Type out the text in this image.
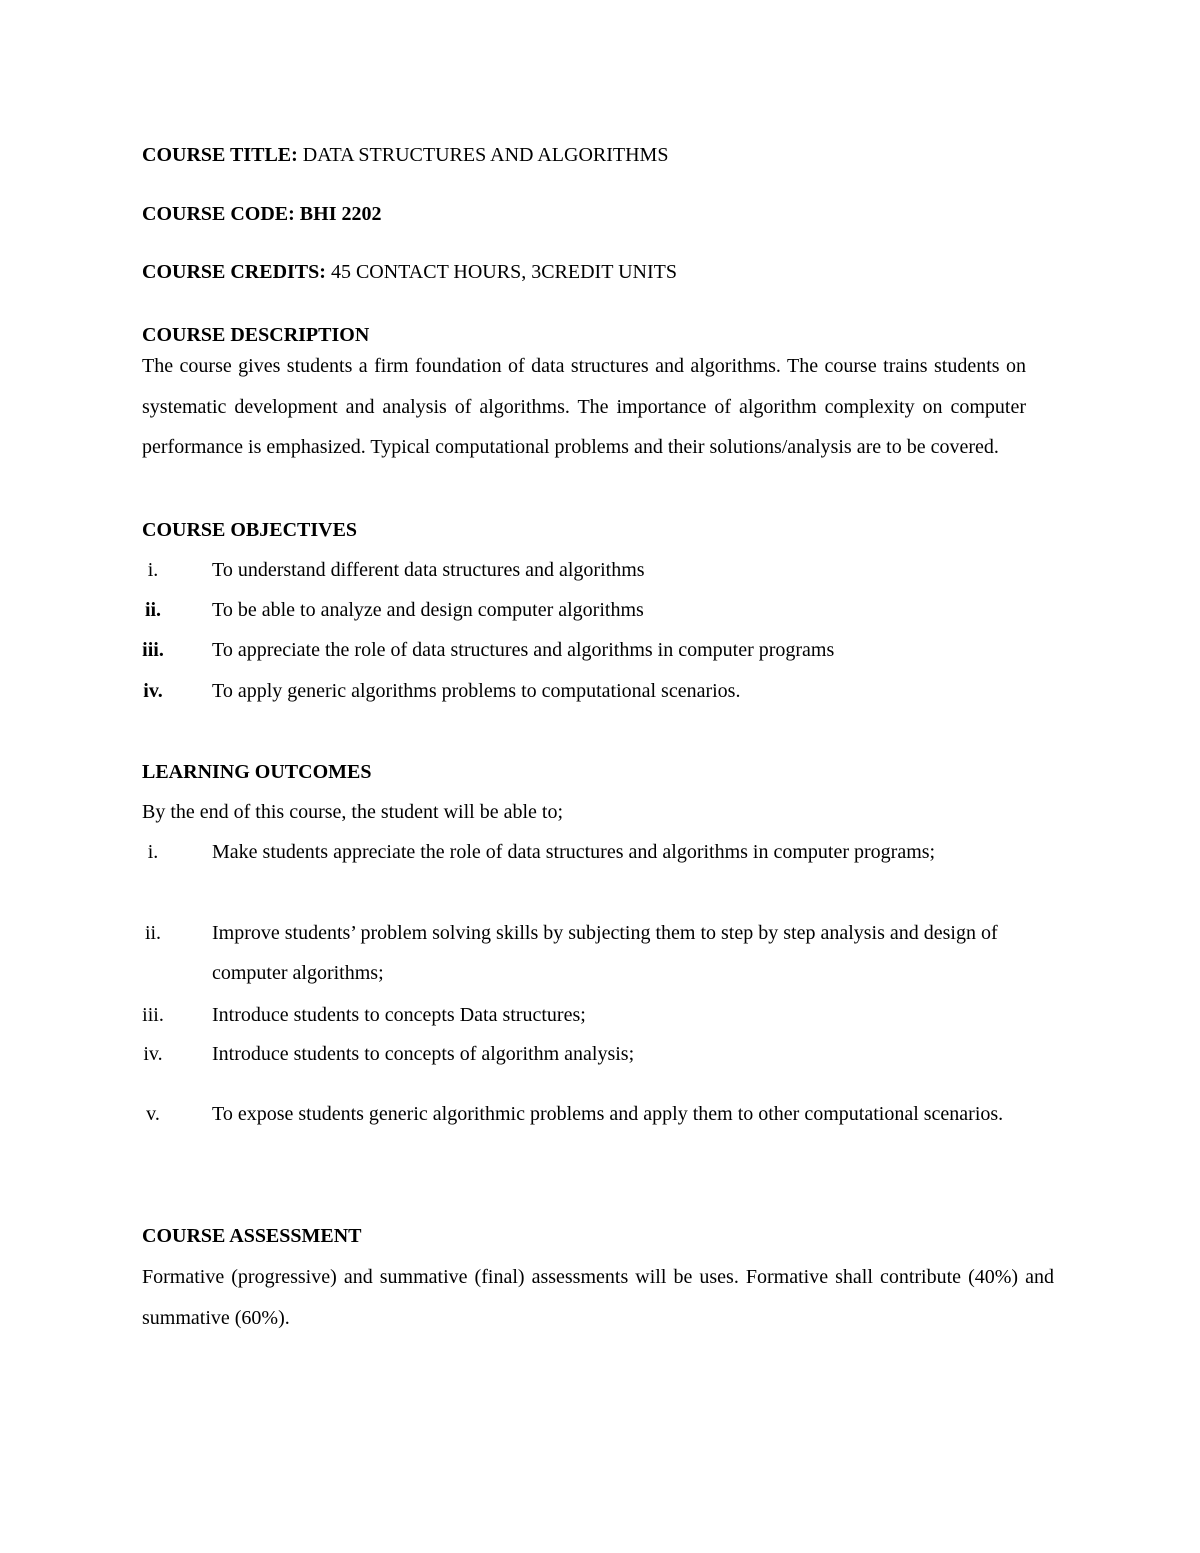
COURSE TITLE: DATA STRUCTURES AND ALGORITHMS
COURSE CODE: BHI 2202
COURSE CREDITS: 45 CONTACT HOURS, 3CREDIT UNITS
COURSE DESCRIPTION
The course gives students a firm foundation of data structures and algorithms. The course trains students on systematic development and analysis of algorithms. The importance of algorithm complexity on computer performance is emphasized. Typical computational problems and their solutions/analysis are to be covered.
COURSE OBJECTIVES
i.	To understand different data structures and algorithms
ii.	To be able to analyze and design computer algorithms
iii.	To appreciate the role of data structures and algorithms in computer programs
iv.	To apply generic algorithms problems to computational scenarios.
LEARNING OUTCOMES
By the end of this course, the student will be able to;
i.	Make students appreciate the role of data structures and algorithms in computer programs;
ii.	Improve students’ problem solving skills by subjecting them to step by step analysis and design of computer algorithms;
iii.	Introduce students to concepts Data structures;
iv.	Introduce students to concepts of algorithm analysis;
v.	To expose students generic algorithmic problems and apply them to other computational scenarios.
COURSE ASSESSMENT
Formative (progressive) and summative (final) assessments will be uses. Formative shall contribute (40%) and summative (60%).
